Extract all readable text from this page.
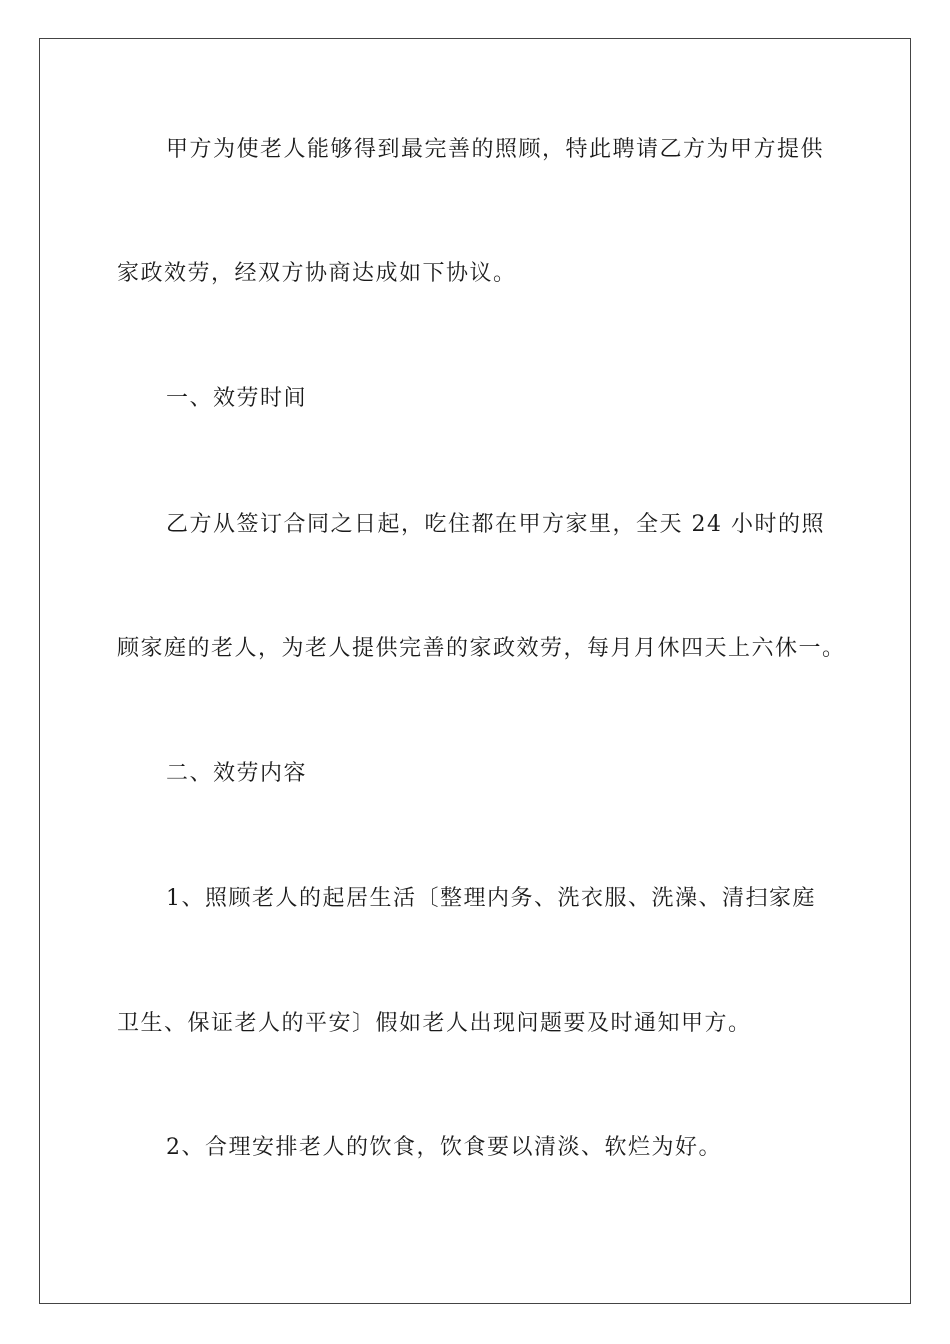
甲方为使老人能够得到最完善的照顾，特此聘请乙方为甲方提供
家政效劳，经双方协商达成如下协议。
一、效劳时间
乙方从签订合同之日起，吃住都在甲方家里，全天 24 小时的照
顾家庭的老人，为老人提供完善的家政效劳，每月月休四天上六休一。
二、效劳内容
1、照顾老人的起居生活〔整理内务、洗衣服、洗澡、清扫家庭
卫生、保证老人的平安〕假如老人出现问题要及时通知甲方。
2、合理安排老人的饮食，饮食要以清淡、软烂为好。
